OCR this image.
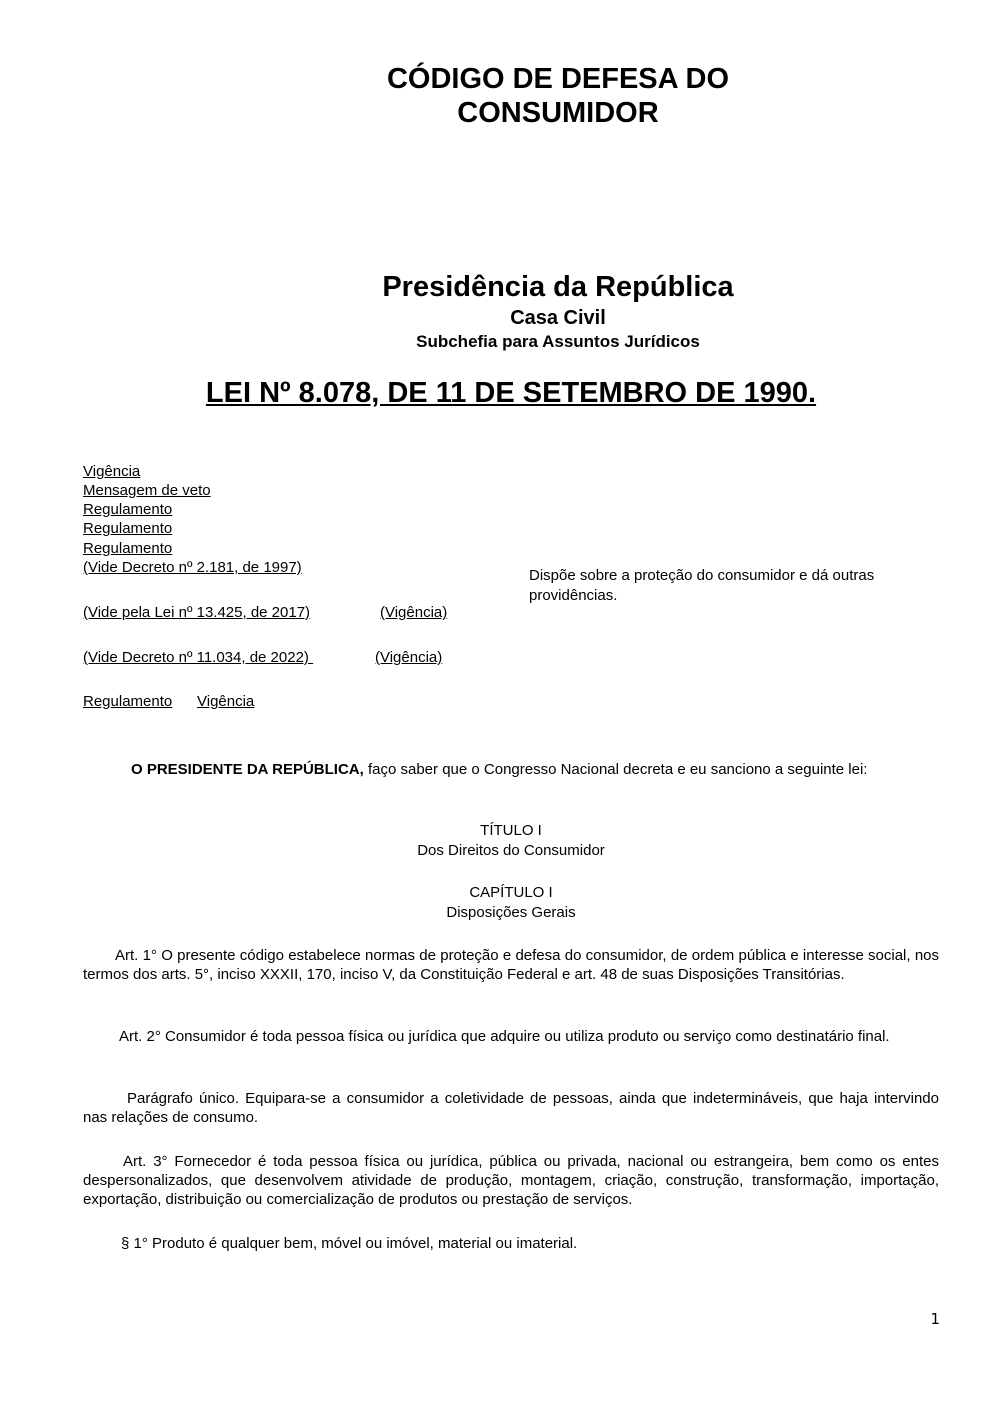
CÓDIGO DE DEFESA DO CONSUMIDOR
Presidência da República
Casa Civil
Subchefia para Assuntos Jurídicos
LEI Nº 8.078, DE 11 DE SETEMBRO DE 1990.
Vigência
Mensagem de veto
Regulamento
Regulamento
Regulamento
(Vide Decreto nº 2.181, de 1997)
(Vide pela Lei nº 13.425, de 2017)	(Vigência)
(Vide Decreto nº 11.034, de 2022)	(Vigência)
Regulamento Vigência
Dispõe sobre a proteção do consumidor e dá outras providências.
O PRESIDENTE DA REPÚBLICA, faço saber que o Congresso Nacional decreta e eu sanciono a seguinte lei:
TÍTULO I
Dos Direitos do Consumidor
CAPÍTULO I
Disposições Gerais
Art. 1° O presente código estabelece normas de proteção e defesa do consumidor, de ordem pública e interesse social, nos termos dos arts. 5°, inciso XXXII, 170, inciso V, da Constituição Federal e art. 48 de suas Disposições Transitórias.
Art. 2° Consumidor é toda pessoa física ou jurídica que adquire ou utiliza produto ou serviço como destinatário final.
Parágrafo único. Equipara-se a consumidor a coletividade de pessoas, ainda que indetermináveis, que haja intervindo nas relações de consumo.
Art. 3° Fornecedor é toda pessoa física ou jurídica, pública ou privada, nacional ou estrangeira, bem como os entes despersonalizados, que desenvolvem atividade de produção, montagem, criação, construção, transformação, importação, exportação, distribuição ou comercialização de produtos ou prestação de serviços.
§ 1° Produto é qualquer bem, móvel ou imóvel, material ou imaterial.
1
